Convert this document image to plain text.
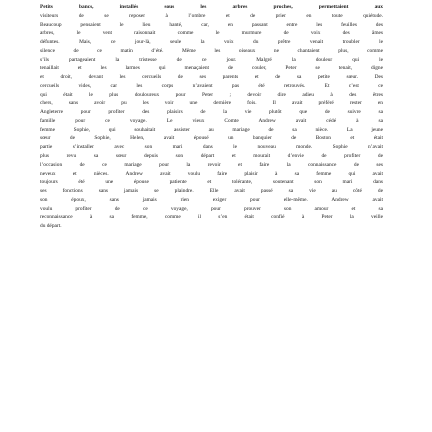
Petits bancs, installés sous les arbres proches, permettaient aux
visiteurs de se reposer à l’ombre et de prier en toute quiétude.
Beaucoup pensaient le lieu hanté, car, en passant entre les feuilles des
arbres, le vent raisonnait comme le murmure de voix des âmes
défuntes. Mais, ce jour-là, seule la voix du prêtre venait troubler le
silence de ce matin d’été. Même les oiseaux ne chantaient plus, comme
s’ils partageaient la tristesse de ce jour. Malgré la douleur qui le
tenaillait et les larmes qui menaçaient de couler, Peter se tenait, digne
et droit, devant les cercueils de ses parents et de sa petite sœur. Des
cercueils vides, car les corps n’avaient pas été retrouvés. Et c’est ce
qui était le plus douloureux pour Peter ; devoir dire adieu à des êtres
chers, sans avoir pu les voir une dernière fois. Il avait préféré rester en
Angleterre pour profiter des plaisirs de la vie plutôt que de suivre sa
famille pour ce voyage. Le vieux Comte Andrew avait cédé à sa
femme Sophie, qui souhaitait assister au mariage de sa nièce. La jeune
sœur de Sophie, Helen, avait épousé un banquier de Boston et était
partie s’installer avec son mari dans le nouveau monde. Sophie n’avait
plus revu sa sœur depuis son départ et mourait d’envie de profiter de
l’occasion de ce mariage pour la revoir et faire la connaissance de ses
neveux et nièces. Andrew avait voulu faire plaisir à sa femme qui avait
toujours été une épouse patiente et tolérante, soutenant son mari dans
ses fonctions sans jamais se plaindre. Elle avait passé sa vie au côté de
son époux, sans jamais rien exiger pour elle-même. Andrew avait
voulu profiter de ce voyage, pour prouver son amour et sa
reconnaissance à sa femme, comme il s’en était confié à Peter la veille
du départ.
